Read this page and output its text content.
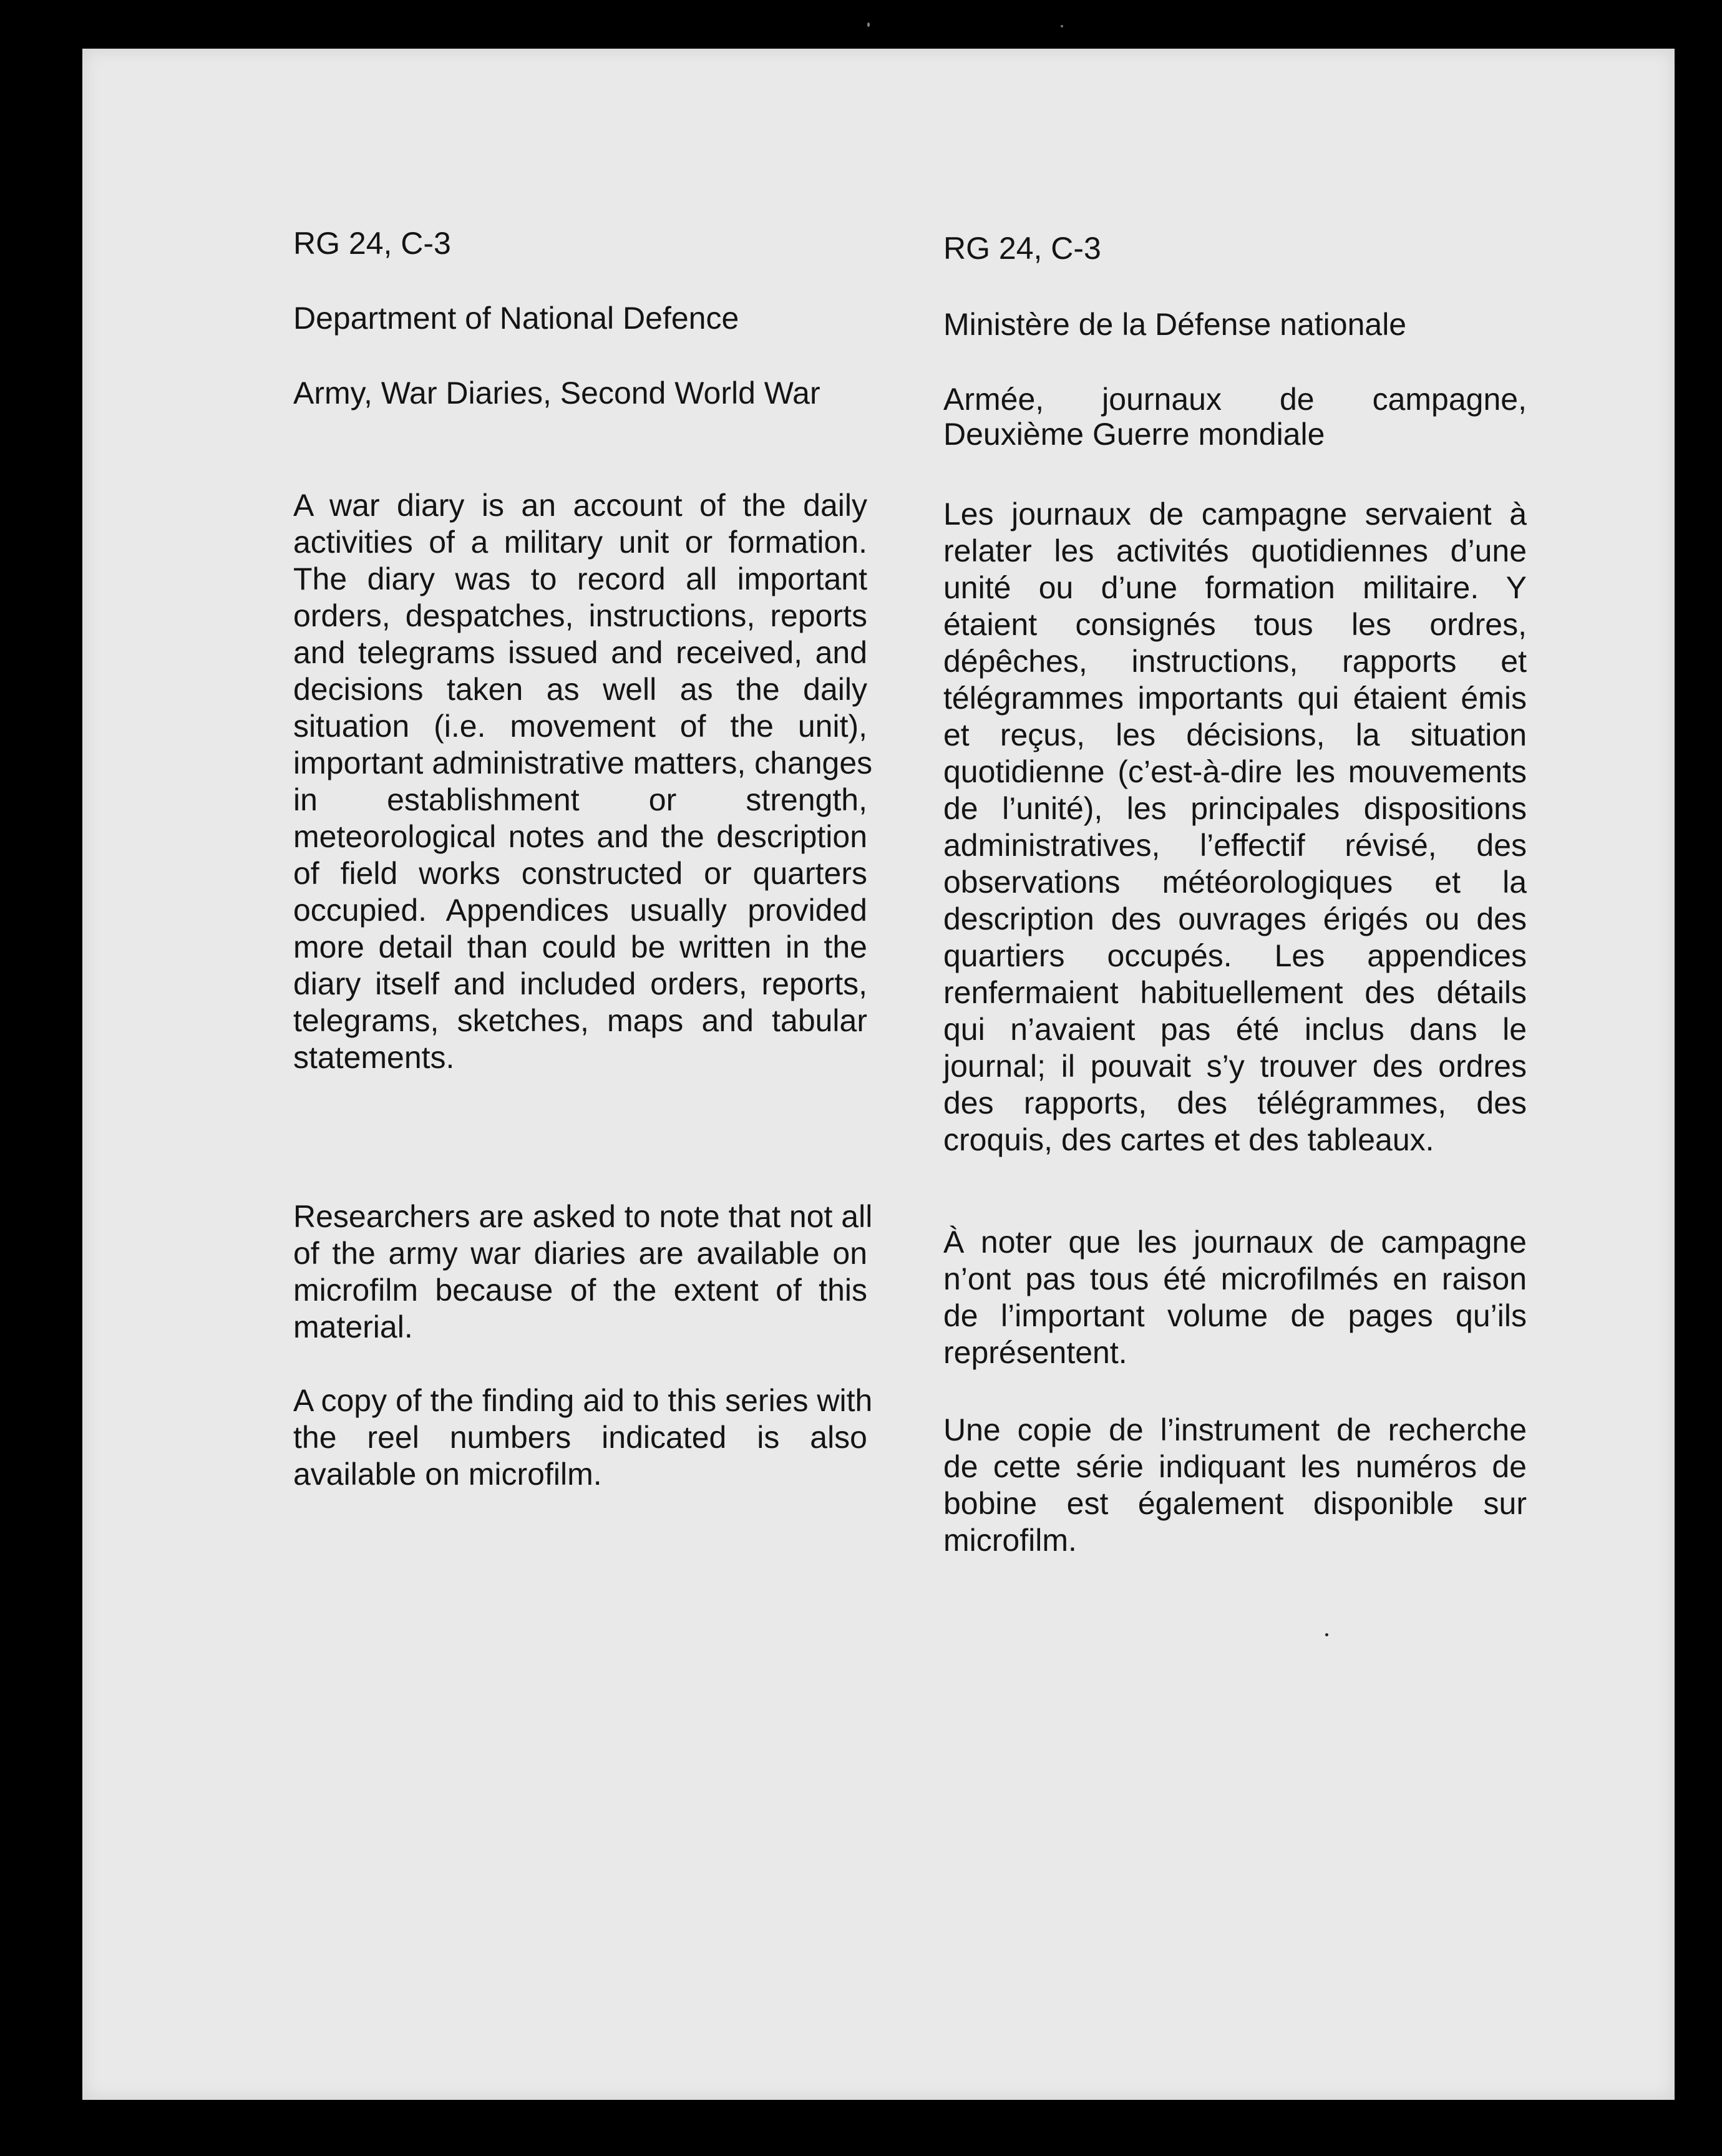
RG 24, C-3
Department of National Defence
Army, War Diaries, Second World War
A war diary is an account of the daily
activities of a military unit or formation.
The diary was to record all important
orders, despatches, instructions, reports
and telegrams issued and received, and
decisions taken as well as the daily
situation (i.e. movement of the unit),
important administrative matters, changes
in establishment or strength,
meteorological notes and the description
of field works constructed or quarters
occupied. Appendices usually provided
more detail than could be written in the
diary itself and included orders, reports,
telegrams, sketches, maps and tabular
statements.
Researchers are asked to note that not all
of the army war diaries are available on
microfilm because of the extent of this
material.
A copy of the finding aid to this series with
the reel numbers indicated is also
available on microfilm.
RG 24, C-3
Ministère de la Défense nationale
Armée, journaux de campagne,
Deuxième Guerre mondiale
Les journaux de campagne servaient à
relater les activités quotidiennes d’une
unité ou d’une formation militaire. Y
étaient consignés tous les ordres,
dépêches, instructions, rapports et
télégrammes importants qui étaient émis
et reçus, les décisions, la situation
quotidienne (c’est-à-dire les mouvements
de l’unité), les principales dispositions
administratives, l’effectif révisé, des
observations météorologiques et la
description des ouvrages érigés ou des
quartiers occupés. Les appendices
renfermaient habituellement des détails
qui n’avaient pas été inclus dans le
journal; il pouvait s’y trouver des ordres
des rapports, des télégrammes, des
croquis, des cartes et des tableaux.
À noter que les journaux de campagne
n’ont pas tous été microfilmés en raison
de l’important volume de pages qu’ils
représentent.
Une copie de l’instrument de recherche
de cette série indiquant les numéros de
bobine est également disponible sur
microfilm.
